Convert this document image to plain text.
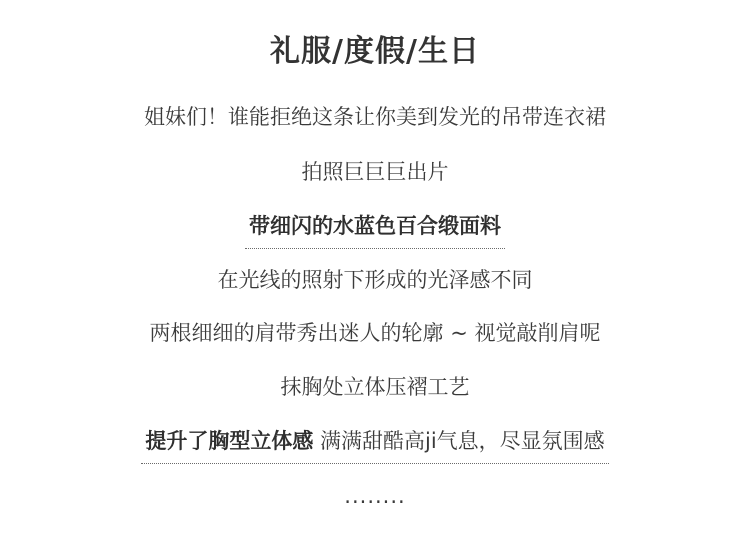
礼服/度假/生日
姐妹们！谁能拒绝这条让你美到发光的吊带连衣裙
拍照巨巨巨出片
带细闪的水蓝色百合缎面料
在光线的照射下形成的光泽感不同
两根细细的肩带秀出迷人的轮廓 ~ 视觉敲削肩呢
抹胸处立体压褶工艺
提升了胸型立体感 满满甜酷高ji气息，尽显氛围感
........
